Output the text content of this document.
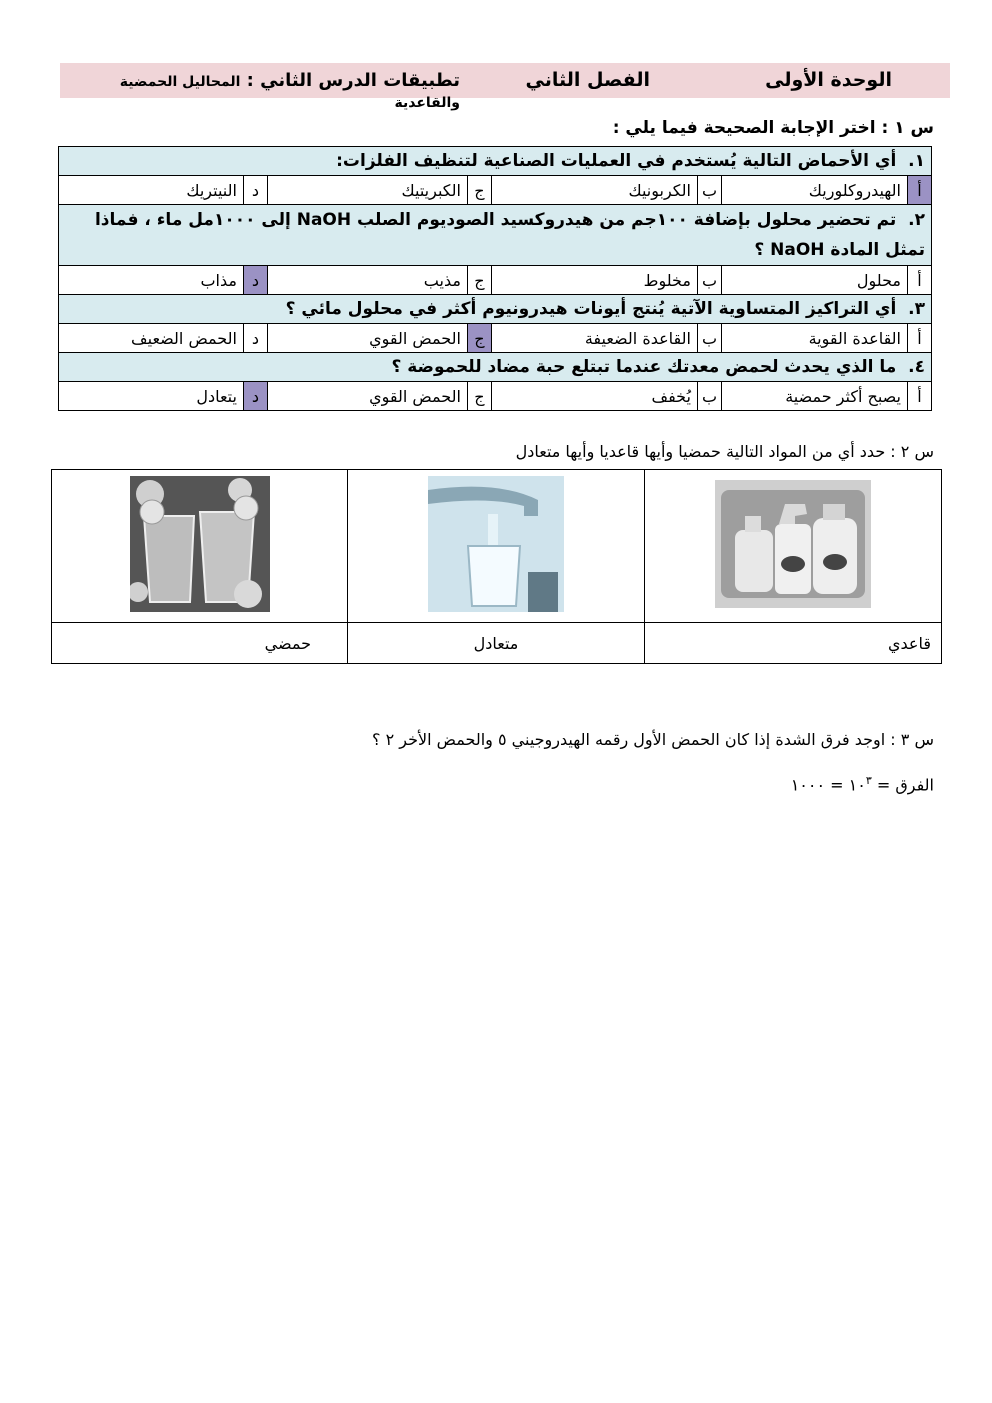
الوحدة الأولى
الفصل الثاني
تطبيقات الدرس الثاني : المحاليل الحمضية والقاعدية
س ١ : اختر الإجابة الصحيحة فيما يلي :
١.  أي الأحماض التالية يُستخدم في العمليات الصناعية لتنظيف الفلزات:							
أ	الهيدروكلوريك	ب	الكربونيك	ج	الكبريتيك	د	النيتريك
٢.  تم تحضير محلول بإضافة ١٠٠جم من هيدروكسيد الصوديوم الصلب NaOH إلى ١٠٠٠مل ماء ، فماذا تمثل المادة NaOH ؟							
أ	محلول	ب	مخلوط	ج	مذيب	د	مذاب
٣.  أي التراكيز المتساوية الآتية يُنتج أيونات هيدرونيوم أكثر في محلول مائي ؟							
أ	القاعدة القوية	ب	القاعدة الضعيفة	ج	الحمض القوي	د	الحمض الضعيف
٤.  ما الذي يحدث لحمض معدتك عندما تبتلع حبة مضاد للحموضة ؟							
أ	يصبح أكثر حمضية	ب	يُخفف	ج	الحمض القوي	د	يتعادل
س ٢ : حدد أي من المواد التالية حمضيا وأيها قاعديا وأيها متعادل

قاعدي	متعادل	حمضي
س ٣ : اوجد فرق الشدة إذا كان الحمض الأول رقمه الهيدروجيني ٥ والحمض الأخر ٢ ؟
الفرق = $١٠^٣$ = ١٠٠٠
